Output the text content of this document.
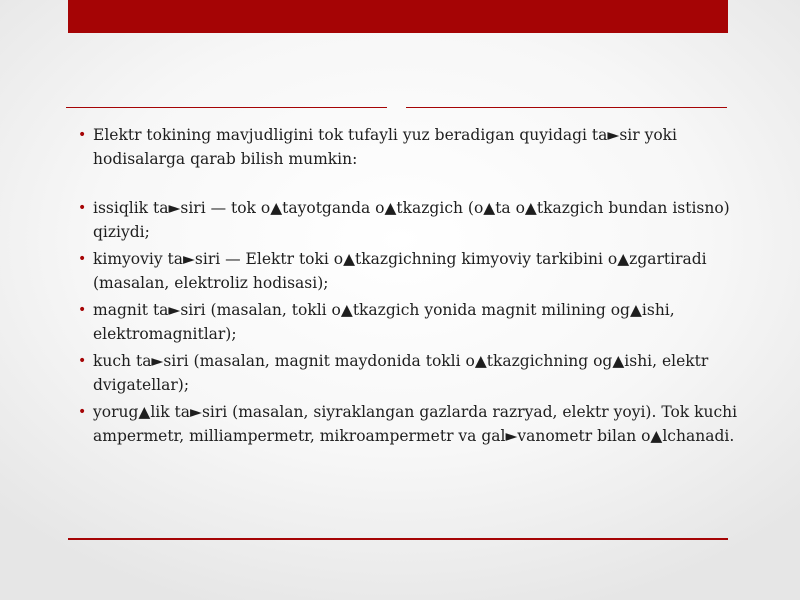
• Elektr tokining mavjudligini tok tufayli yuz beradigan quyidagi ta►sir yoki hodisalarga qarab bilish mumkin:
• issiqlik ta►siri — tok o▲tayotganda o▲tkazgich (o▲ta o▲tkazgich bundan istisno) qiziydi;
• kimyoviy ta►siri — Elektr toki o▲tkazgichning kimyoviy tarkibini o▲zgartiradi (masalan, elektroliz hodisasi);
• magnit ta►siri (masalan, tokli o▲tkazgich yonida magnit milining og▲ishi, elektromagnitlar);
• kuch ta►siri (masalan, magnit maydonida tokli o▲tkazgichning og▲ishi, elektr dvigatellar);
• yorug▲lik ta►siri (masalan, siyraklangan gazlarda razryad, elektr yoyi). Tok kuchi ampermetr, milliampermetr, mikroampermetr va gal►vanometr bilan o▲lchanadi.
